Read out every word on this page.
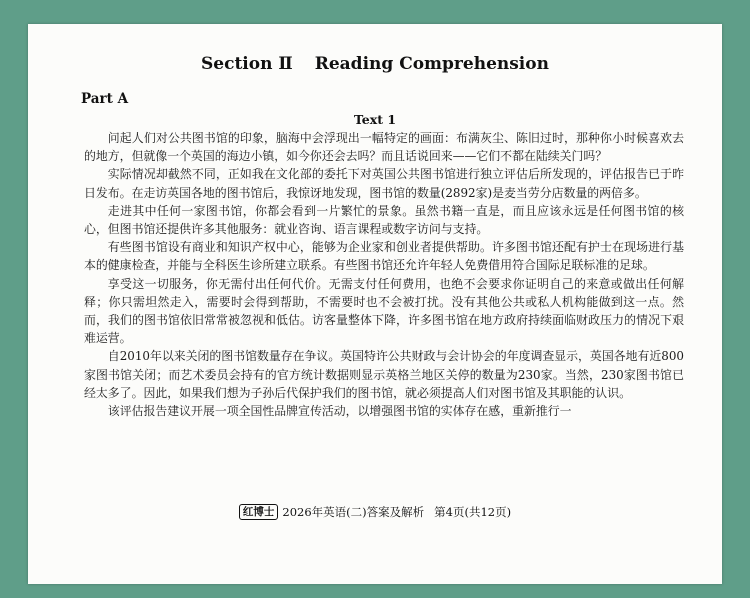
Section Ⅱ Reading Comprehension
Part A
Text 1

问起人们对公共图书馆的印象，脑海中会浮现出一幅特定的画面：布满灰尘、陈旧过时，那种你小时候喜欢去的地方，但就像一个英国的海边小镇，如今你还会去吗？而且话说回来——它们不都在陆续关门吗？

实际情况却截然不同，正如我在文化部的委托下对英国公共图书馆进行独立评估后所发现的，评估报告已于昨日发布。在走访英国各地的图书馆后，我惊讶地发现，图书馆的数量(2892家)是麦当劳分店数量的两倍多。

走进其中任何一家图书馆，你都会看到一片繁忙的景象。虽然书籍一直是，而且应该永远是任何图书馆的核心，但图书馆还提供许多其他服务：就业咨询、语言课程或数字访问与支持。

有些图书馆设有商业和知识产权中心，能够为企业家和创业者提供帮助。许多图书馆还配有护士在现场进行基本的健康检查，并能与全科医生诊所建立联系。有些图书馆还允许年轻人免费借用符合国际足联标准的足球。

享受这一切服务，你无需付出任何代价。无需支付任何费用，也绝不会要求你证明自己的来意或做出任何解释；你只需坦然走入，需要时会得到帮助，不需要时也不会被打扰。没有其他公共或私人机构能做到这一点。然而，我们的图书馆依旧常常被忽视和低估。访客量整体下降，许多图书馆在地方政府持续面临财政压力的情况下艰难运营。

自2010年以来关闭的图书馆数量存在争议。英国特许公共财政与会计协会的年度调查显示，英国各地有近800家图书馆关闭；而艺术委员会持有的官方统计数据则显示英格兰地区关停的数量为230家。当然，230家图书馆已经太多了。因此，如果我们想为子孙后代保护我们的图书馆，就必须提高人们对图书馆及其职能的认识。

该评估报告建议开展一项全国性品牌宣传活动，以增强图书馆的实体存在感，重新推行一

红博士 2026年英语(二)答案及解析 第4页(共12页)
